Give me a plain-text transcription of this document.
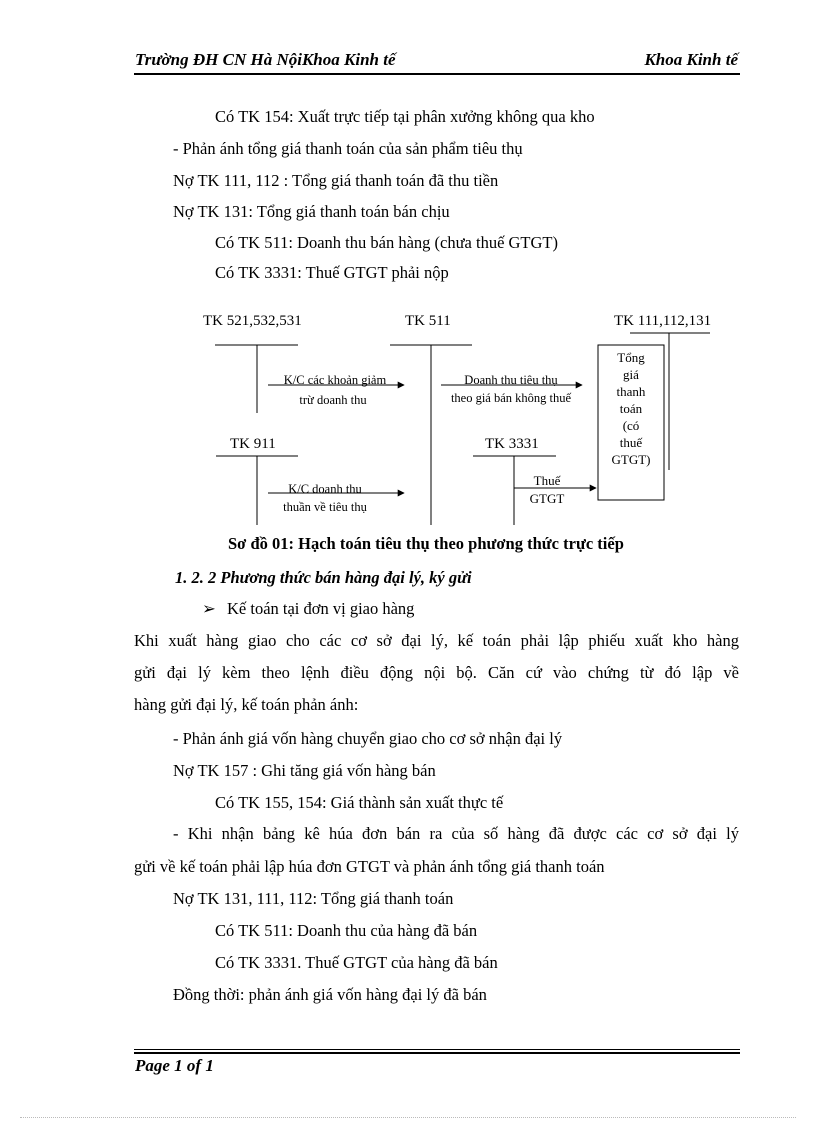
Trường ĐH CN Hà NộiKhoa Kinh tế	Khoa Kinh tế
Có TK 154: Xuất trực tiếp tại phân xưởng không qua kho
- Phản ánh tổng giá thanh toán của sản phẩm tiêu thụ
Nợ TK 111, 112 : Tổng giá thanh toán đã thu tiền
Nợ TK 131: Tổng giá thanh toán bán chịu
Có TK 511: Doanh thu bán hàng (chưa thuế GTGT)
Có TK 3331: Thuế GTGT phải nộp
TK 521,532,531	TK 511	TK 111,112,131
TK 911	TK 3331
K/C các khoản giảm
trừ doanh thu
Doanh thu tiêu thụ
theo giá bán không thuế
K/C doanh thu
thuần về tiêu thụ
Thuế
GTGT
Tổng
giá
thanh
toán
(có
thuế
GTGT)
Sơ đồ 01: Hạch toán tiêu thụ theo phương thức trực tiếp
1. 2. 2 Phương thức bán hàng đại lý, ký gửi
➢ Kế toán tại đơn vị giao hàng
Khi xuất hàng giao cho các cơ sở đại lý, kế toán phải lập phiếu xuất kho hàng
gửi đại lý kèm theo lệnh điều động nội bộ. Căn cứ vào chứng từ đó lập về
hàng gửi đại lý, kế toán phản ánh:
- Phản ánh giá vốn hàng chuyển giao cho cơ sở nhận đại lý
Nợ TK 157 : Ghi tăng giá vốn hàng bán
Có TK 155, 154: Giá thành sản xuất thực tế
- Khi nhận bảng kê húa đơn bán ra của số hàng đã được các cơ sở đại lý
gửi về kế toán phải lập húa đơn GTGT và phản ánh tổng giá thanh toán
Nợ TK 131, 111, 112: Tổng giá thanh toán
Có TK 511: Doanh thu của hàng đã bán
Có TK 3331. Thuế GTGT của hàng đã bán
Đồng thời: phản ánh giá vốn hàng đại lý đã bán
Page 1 of 1
